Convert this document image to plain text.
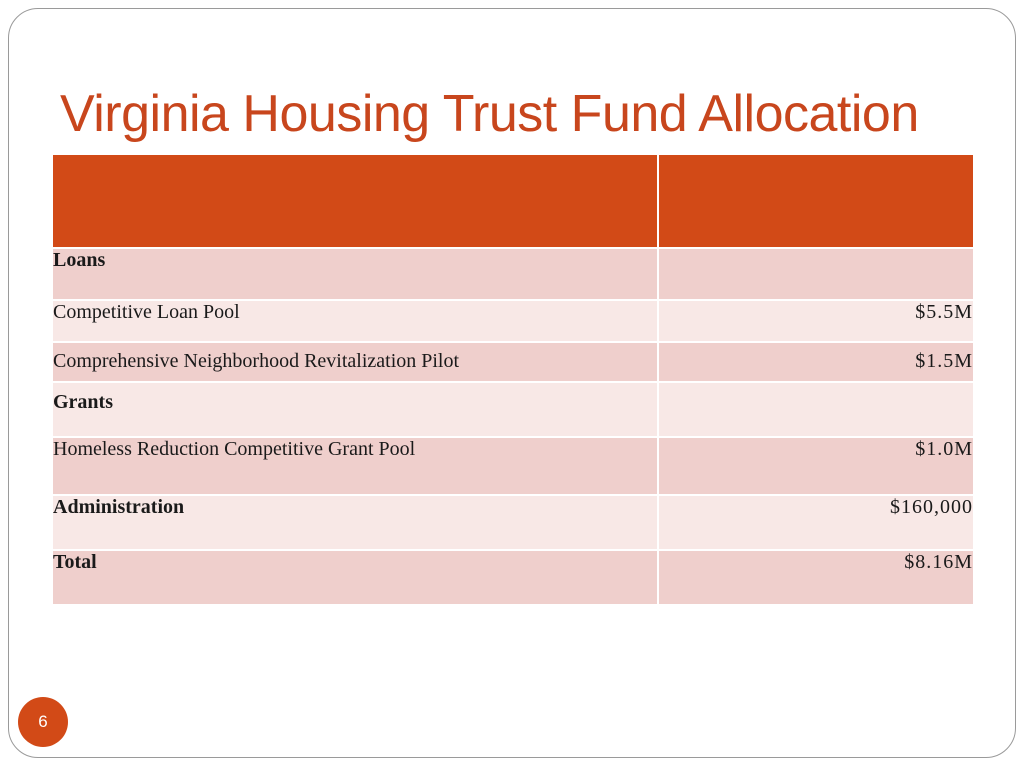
Virginia Housing Trust Fund Allocation

Loans	
Competitive Loan Pool	$5.5M
Comprehensive Neighborhood Revitalization Pilot	$1.5M
Grants	
Homeless Reduction Competitive Grant Pool	$1.0M
Administration	$160,000
Total	$8.16M
6
